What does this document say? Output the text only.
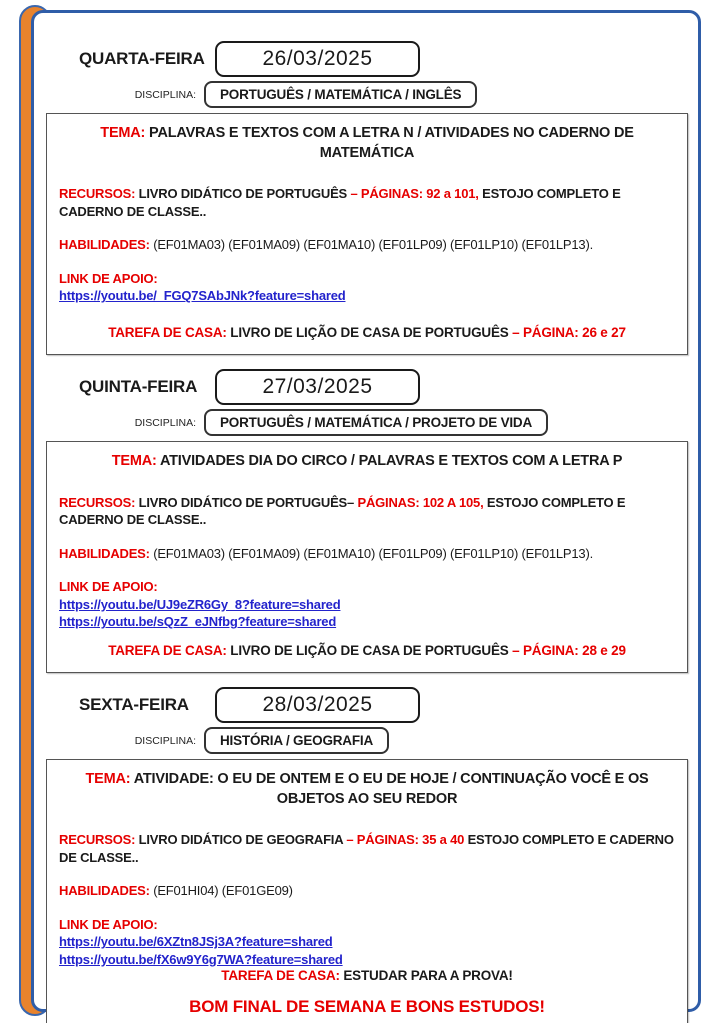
QUARTA-FEIRA	26/03/2025
DISCIPLINA:	PORTUGUÊS / MATEMÁTICA / INGLÊS

TEMA: PALAVRAS E TEXTOS COM A LETRA N / ATIVIDADES NO CADERNO DE MATEMÁTICA

RECURSOS: LIVRO DIDÁTICO DE PORTUGUÊS – PÁGINAS: 92 a 101, ESTOJO COMPLETO E CADERNO DE CLASSE..

HABILIDADES: (EF01MA03) (EF01MA09) (EF01MA10) (EF01LP09) (EF01LP10) (EF01LP13).

LINK DE APOIO:
https://youtu.be/_FGQ7SAbJNk?feature=shared

TAREFA DE CASA: LIVRO DE LIÇÃO DE CASA DE PORTUGUÊS – PÁGINA: 26 e 27

QUINTA-FEIRA	27/03/2025
DISCIPLINA:	PORTUGUÊS / MATEMÁTICA / PROJETO DE VIDA

TEMA: ATIVIDADES DIA DO CIRCO / PALAVRAS E TEXTOS COM A LETRA P

RECURSOS: LIVRO DIDÁTICO DE PORTUGUÊS– PÁGINAS: 102 A 105, ESTOJO COMPLETO E CADERNO DE CLASSE..

HABILIDADES: (EF01MA03) (EF01MA09) (EF01MA10) (EF01LP09) (EF01LP10) (EF01LP13).

LINK DE APOIO:
https://youtu.be/UJ9eZR6Gy_8?feature=shared
https://youtu.be/sQzZ_eJNfbg?feature=shared

TAREFA DE CASA: LIVRO DE LIÇÃO DE CASA DE PORTUGUÊS – PÁGINA: 28 e 29

SEXTA-FEIRA	28/03/2025
DISCIPLINA:	HISTÓRIA / GEOGRAFIA

TEMA: ATIVIDADE: O EU DE ONTEM E O EU DE HOJE / CONTINUAÇÃO VOCÊ E OS OBJETOS AO SEU REDOR

RECURSOS: LIVRO DIDÁTICO DE GEOGRAFIA – PÁGINAS: 35 a 40 ESTOJO COMPLETO E CADERNO DE CLASSE..

HABILIDADES: (EF01HI04) (EF01GE09)

LINK DE APOIO:
https://youtu.be/6XZtn8JSj3A?feature=shared
https://youtu.be/fX6w9Y6g7WA?feature=shared

TAREFA DE CASA: ESTUDAR PARA A PROVA!

BOM FINAL DE SEMANA E BONS ESTUDOS!
